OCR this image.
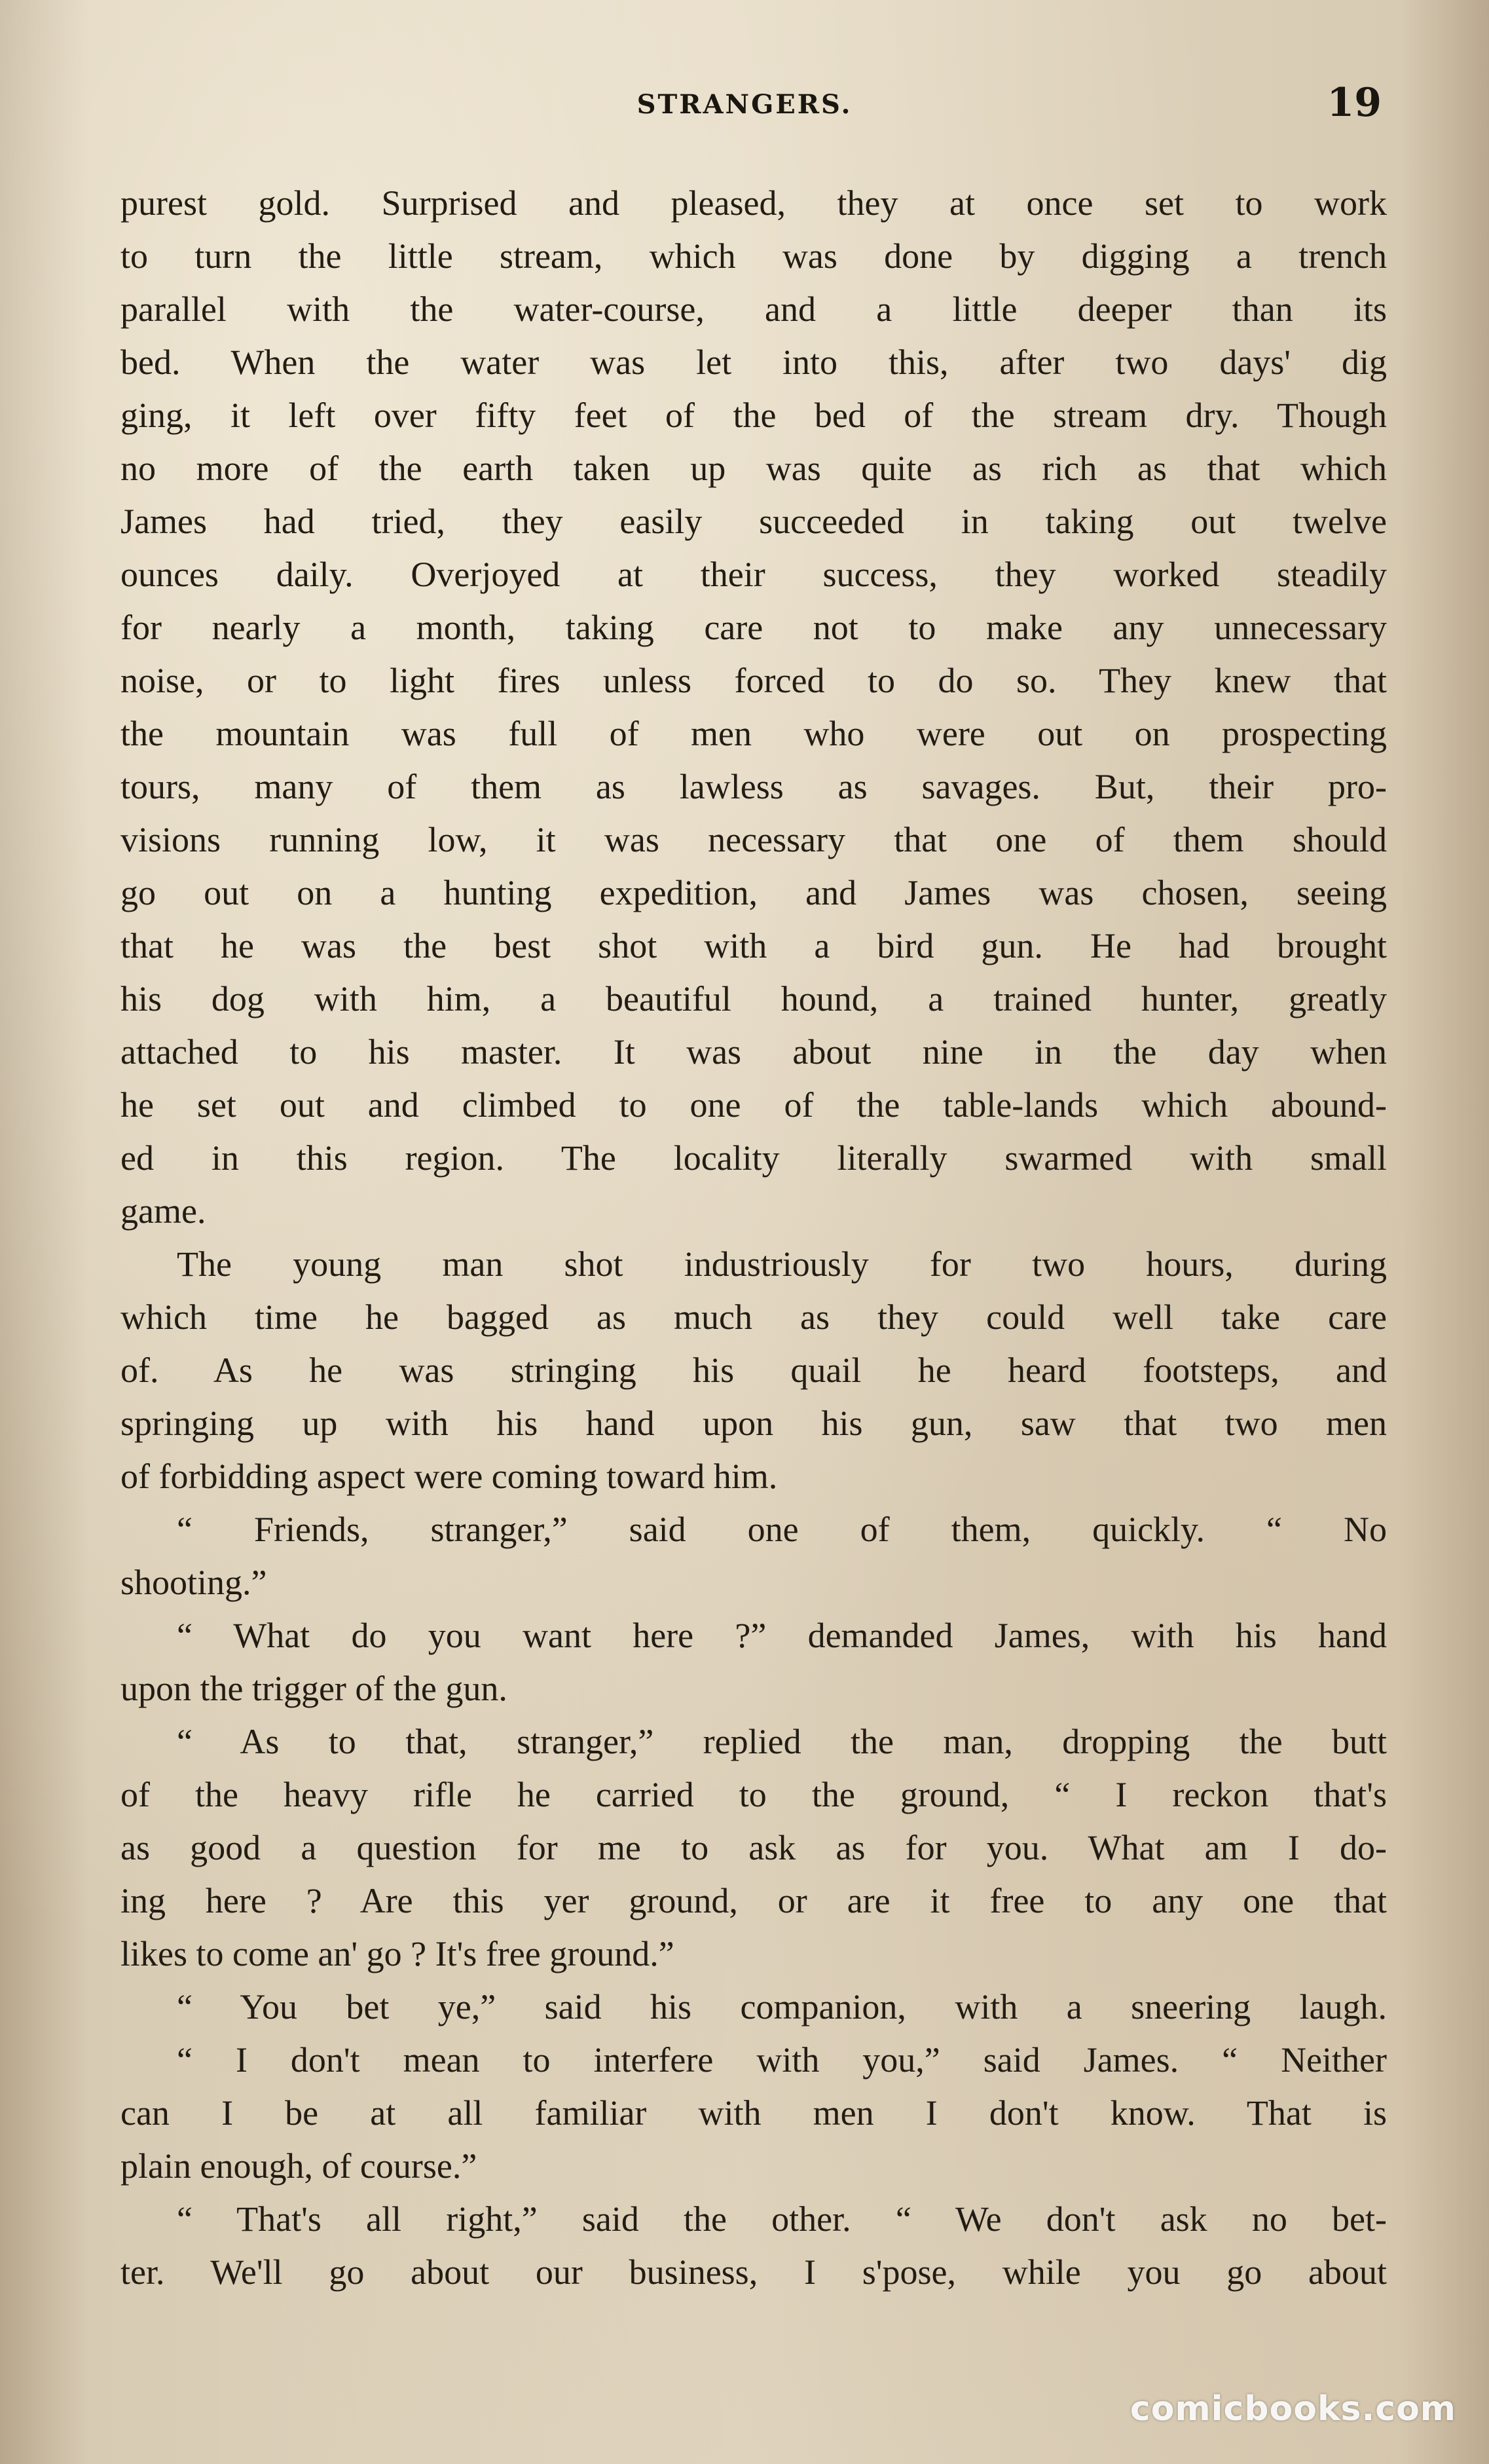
STRANGERS.	19
purest gold. Surprised and pleased, they at once set to work
to turn the little stream, which was done by digging a trench
parallel with the water-course, and a little deeper than its
bed. When the water was let into this, after two days' dig
ging, it left over fifty feet of the bed of the stream dry. Though
no more of the earth taken up was quite as rich as that which
James had tried, they easily succeeded in taking out twelve
ounces daily. Overjoyed at their success, they worked steadily
for nearly a month, taking care not to make any unnecessary
noise, or to light fires unless forced to do so. They knew that
the mountain was full of men who were out on prospecting
tours, many of them as lawless as savages. But, their pro-
visions running low, it was necessary that one of them should
go out on a hunting expedition, and James was chosen, seeing
that he was the best shot with a bird gun. He had brought
his dog with him, a beautiful hound, a trained hunter, greatly
attached to his master. It was about nine in the day when
he set out and climbed to one of the table-lands which abound-
ed in this region. The locality literally swarmed with small
game.
The young man shot industriously for two hours, during
which time he bagged as much as they could well take care
of. As he was stringing his quail he heard footsteps, and
springing up with his hand upon his gun, saw that two men
of forbidding aspect were coming toward him.
“ Friends, stranger,” said one of them, quickly. “ No
shooting.”
“ What do you want here ?” demanded James, with his hand
upon the trigger of the gun.
“ As to that, stranger,” replied the man, dropping the butt
of the heavy rifle he carried to the ground, “ I reckon that's
as good a question for me to ask as for you. What am I do-
ing here ? Are this yer ground, or are it free to any one that
likes to come an' go ? It's free ground.”
“ You bet ye,” said his companion, with a sneering laugh.
“ I don't mean to interfere with you,” said James. “ Neither
can I be at all familiar with men I don't know. That is
plain enough, of course.”
“ That's all right,” said the other. “ We don't ask no bet-
ter. We'll go about our business, I s'pose, while you go about
comicbooks.com
